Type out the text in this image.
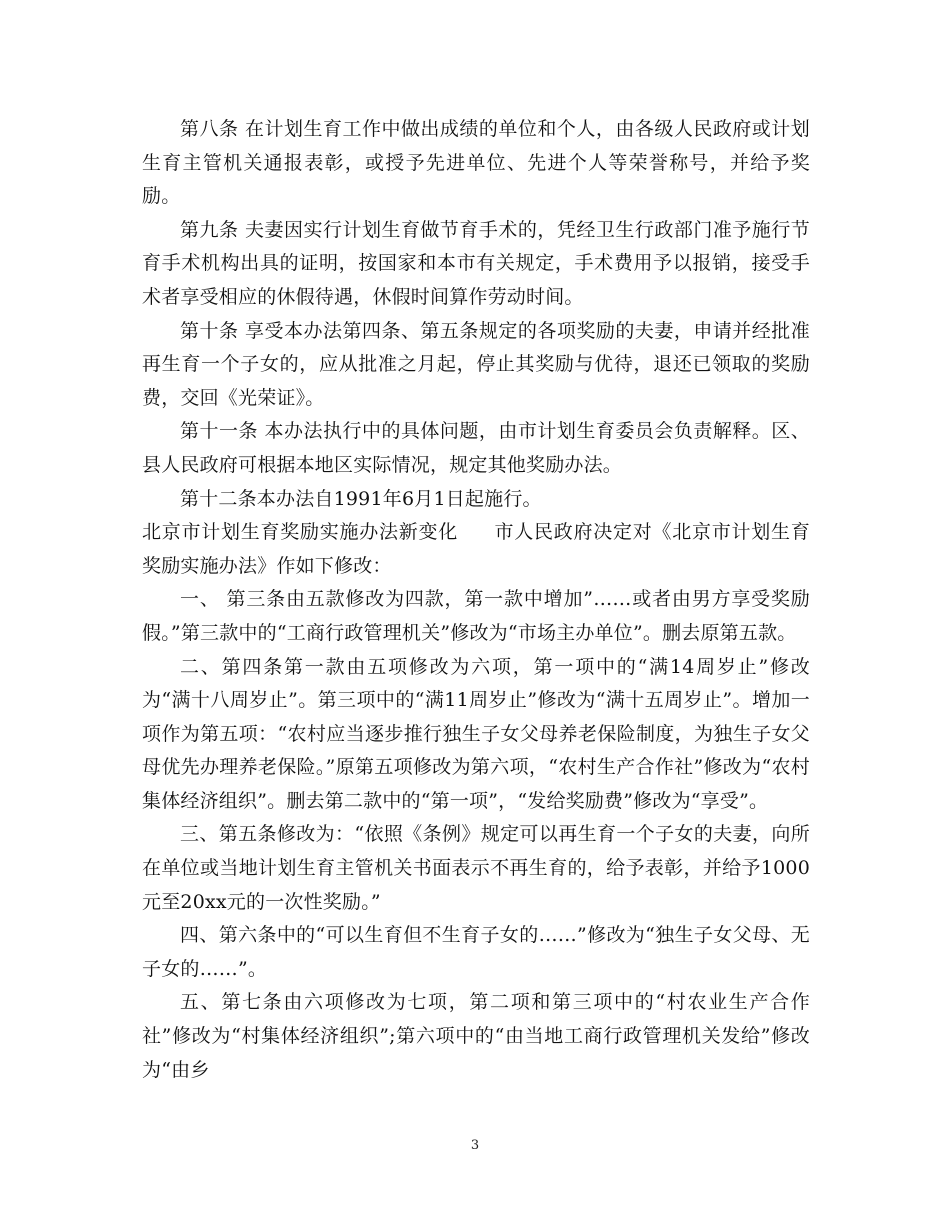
第八条 在计划生育工作中做出成绩的单位和个人，由各级人民政府或计划生育主管机关通报表彰，或授予先进单位、先进个人等荣誉称号，并给予奖励。

第九条 夫妻因实行计划生育做节育手术的，凭经卫生行政部门准予施行节育手术机构出具的证明，按国家和本市有关规定，手术费用予以报销，接受手术者享受相应的休假待遇，休假时间算作劳动时间。

第十条 享受本办法第四条、第五条规定的各项奖励的夫妻，申请并经批准再生育一个子女的，应从批准之月起，停止其奖励与优待，退还已领取的奖励费，交回《光荣证》。

第十一条 本办法执行中的具体问题，由市计划生育委员会负责解释。区、县人民政府可根据本地区实际情况，规定其他奖励办法。

第十二条本办法自1991年6月1日起施行。

北京市计划生育奖励实施办法新变化 市人民政府决定对《北京市计划生育奖励实施办法》作如下修改：

一、 第三条由五款修改为四款，第一款中增加”……或者由男方享受奖励假。”第三款中的“工商行政管理机关”修改为“市场主办单位”。删去原第五款。

二、第四条第一款由五项修改为六项，第一项中的“满14周岁止”修改为“满十八周岁止”。第三项中的“满11周岁止”修改为“满十五周岁止”。增加一项作为第五项：“农村应当逐步推行独生子女父母养老保险制度，为独生子女父母优先办理养老保险。”原第五项修改为第六项，“农村生产合作社”修改为“农村集体经济组织”。删去第二款中的“第一项”，“发给奖励费”修改为“享受”。

三、第五条修改为：“依照《条例》规定可以再生育一个子女的夫妻，向所在单位或当地计划生育主管机关书面表示不再生育的，给予表彰，并给予1000元至20xx元的一次性奖励。”

四、第六条中的“可以生育但不生育子女的……”修改为“独生子女父母、无子女的……”。

五、第七条由六项修改为七项，第二项和第三项中的“村农业生产合作社”修改为“村集体经济组织”;第六项中的“由当地工商行政管理机关发给”修改为“由乡

3
